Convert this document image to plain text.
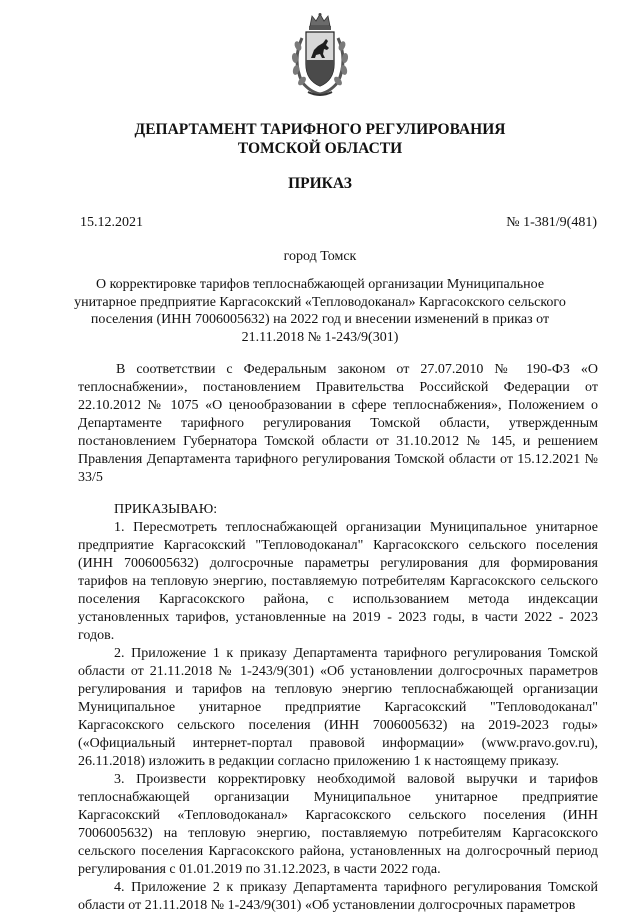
ДЕПАРТАМЕНТ ТАРИФНОГО РЕГУЛИРОВАНИЯ
ТОМСКОЙ ОБЛАСТИ
ПРИКАЗ
15.12.2021	№ 1-381/9(481)
город Томск
О корректировке тарифов теплоснабжающей организации Муниципальное унитарное предприятие Каргасокский «Тепловодоканал» Каргасокского сельского поселения (ИНН 7006005632) на 2022 год и внесении изменений в приказ от 21.11.2018 № 1-243/9(301)

В соответствии с Федеральным законом от 27.07.2010 № 190-ФЗ «О теплоснабжении», постановлением Правительства Российской Федерации от 22.10.2012 № 1075 «О ценообразовании в сфере теплоснабжения», Положением о Департаменте тарифного регулирования Томской области, утвержденным постановлением Губернатора Томской области от 31.10.2012 № 145, и решением Правления Департамента тарифного регулирования Томской области от 15.12.2021 № 33/5

ПРИКАЗЫВАЮ:

1. Пересмотреть теплоснабжающей организации Муниципальное унитарное предприятие Каргасокский "Тепловодоканал" Каргасокского сельского поселения (ИНН 7006005632) долгосрочные параметры регулирования для формирования тарифов на тепловую энергию, поставляемую потребителям Каргасокского сельского поселения Каргасокского района, с использованием метода индексации установленных тарифов, установленные на 2019 - 2023 годы, в части 2022 - 2023 годов.

2. Приложение 1 к приказу Департамента тарифного регулирования Томской области от 21.11.2018 № 1-243/9(301) «Об установлении долгосрочных параметров регулирования и тарифов на тепловую энергию теплоснабжающей организации Муниципальное унитарное предприятие Каргасокский "Тепловодоканал" Каргасокского сельского поселения (ИНН 7006005632) на 2019-2023 годы» («Официальный интернет-портал правовой информации» (www.pravo.gov.ru), 26.11.2018) изложить в редакции согласно приложению 1 к настоящему приказу.

3. Произвести корректировку необходимой валовой выручки и тарифов теплоснабжающей организации Муниципальное унитарное предприятие Каргасокский «Тепловодоканал» Каргасокского сельского поселения (ИНН 7006005632) на тепловую энергию, поставляемую потребителям Каргасокского сельского поселения Каргасокского района, установленных на долгосрочный период регулирования с 01.01.2019 по 31.12.2023, в части 2022 года.

4. Приложение 2 к приказу Департамента тарифного регулирования Томской области от 21.11.2018 № 1-243/9(301) «Об установлении долгосрочных параметров
